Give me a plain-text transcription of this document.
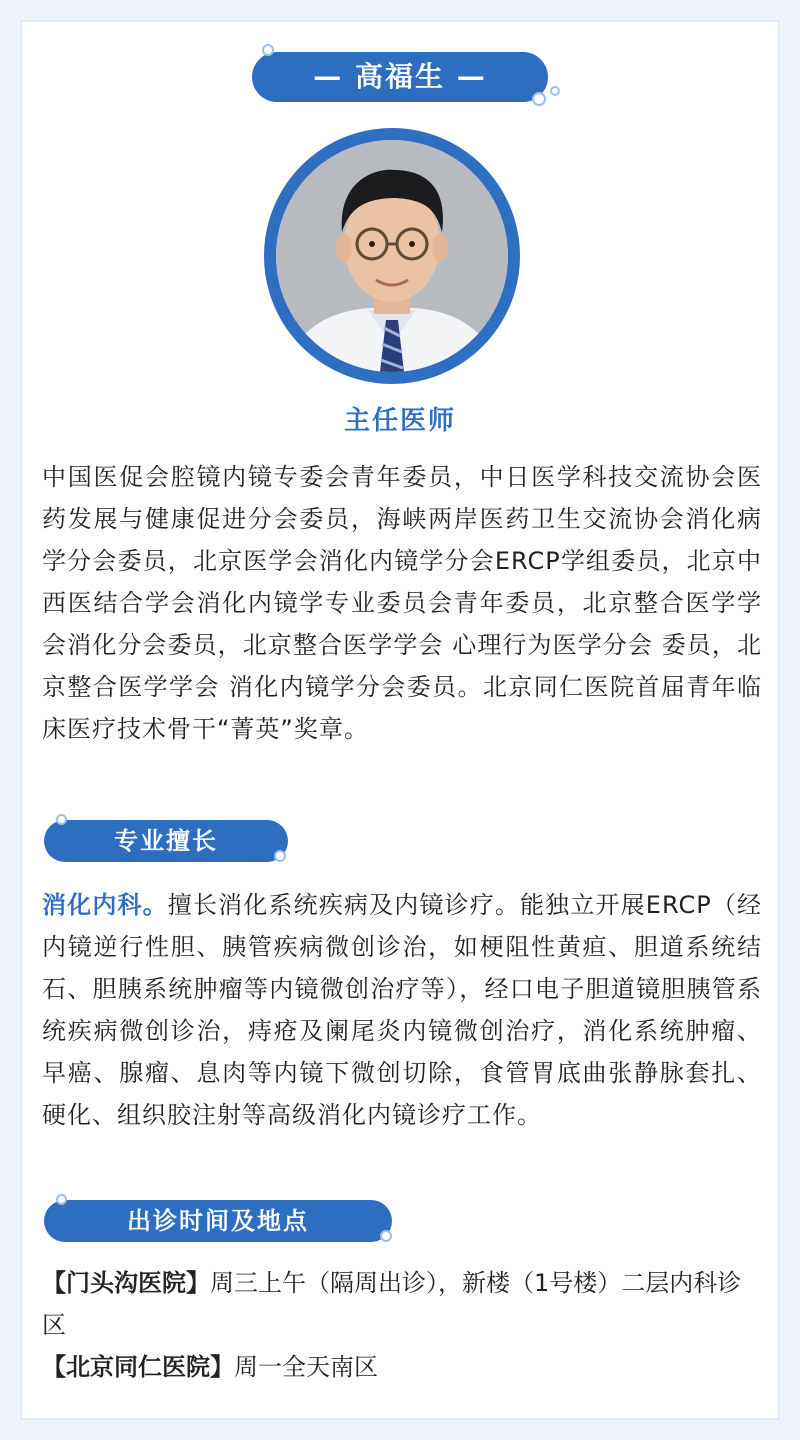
— 高福生 —
主任医师
中国医促会腔镜内镜专委会青年委员，中日医学科技交流协会医药发展与健康促进分会委员，海峡两岸医药卫生交流协会消化病学分会委员，北京医学会消化内镜学分会ERCP学组委员，北京中西医结合学会消化内镜学专业委员会青年委员，北京整合医学学会消化分会委员，北京整合医学学会 心理行为医学分会 委员，北京整合医学学会 消化内镜学分会委员。北京同仁医院首届青年临床医疗技术骨干“菁英”奖章。
专业擅长
消化内科。擅长消化系统疾病及内镜诊疗。能独立开展ERCP（经内镜逆行性胆、胰管疾病微创诊治，如梗阻性黄疸、胆道系统结石、胆胰系统肿瘤等内镜微创治疗等），经口电子胆道镜胆胰管系统疾病微创诊治，痔疮及阑尾炎内镜微创治疗，消化系统肿瘤、早癌、腺瘤、息肉等内镜下微创切除，食管胃底曲张静脉套扎、硬化、组织胶注射等高级消化内镜诊疗工作。
出诊时间及地点
【门头沟医院】周三上午（隔周出诊），新楼（1号楼）二层内科诊区
【北京同仁医院】周一全天南区
